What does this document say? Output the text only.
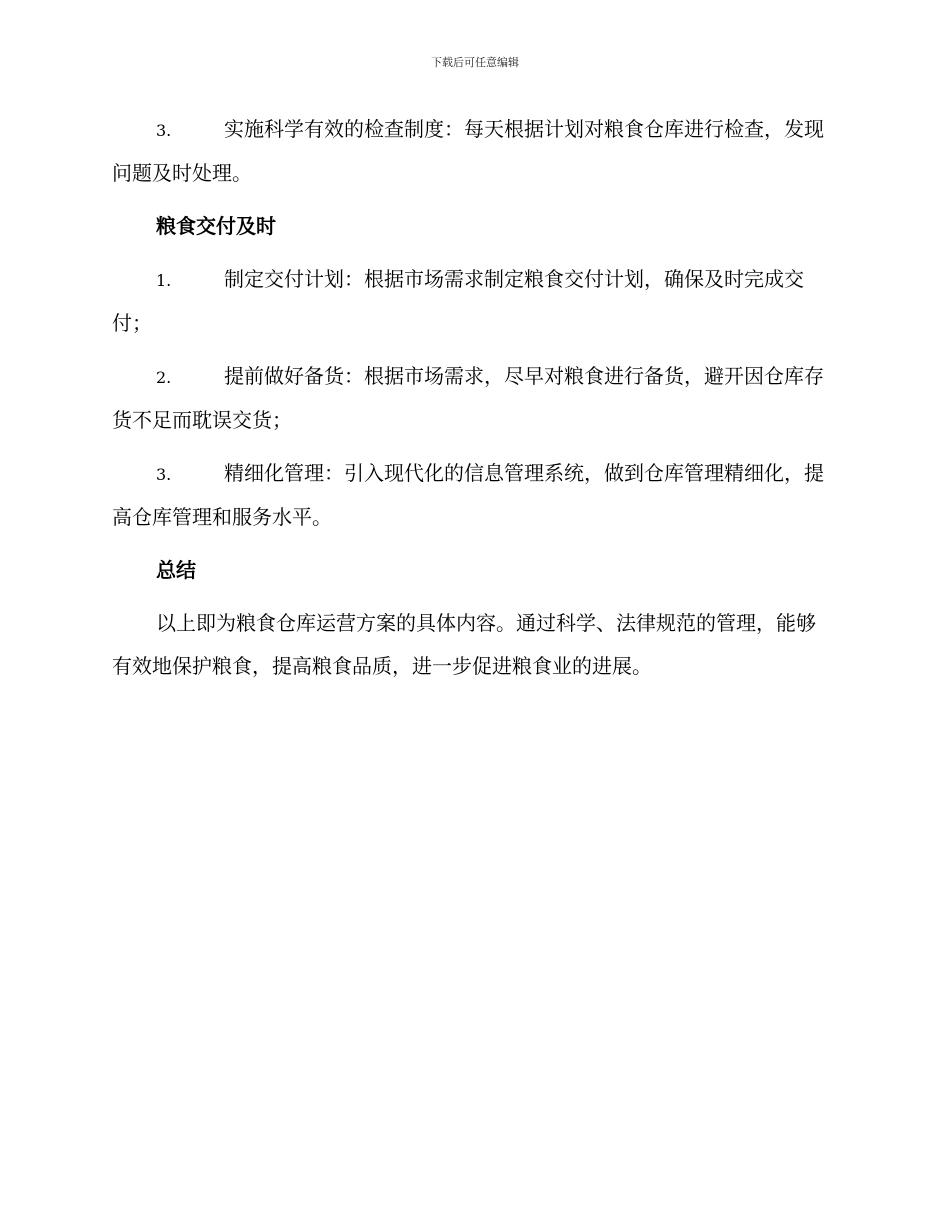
下载后可任意编辑

3.	实施科学有效的检查制度：每天根据计划对粮食仓库进行检查，发现问题及时处理。

粮食交付及时

1.	制定交付计划：根据市场需求制定粮食交付计划，确保及时完成交付；

2.	提前做好备货：根据市场需求，尽早对粮食进行备货，避开因仓库存货不足而耽误交货；

3.	精细化管理：引入现代化的信息管理系统，做到仓库管理精细化，提高仓库管理和服务水平。

总结

以上即为粮食仓库运营方案的具体内容。通过科学、法律规范的管理，能够有效地保护粮食，提高粮食品质，进一步促进粮食业的进展。
